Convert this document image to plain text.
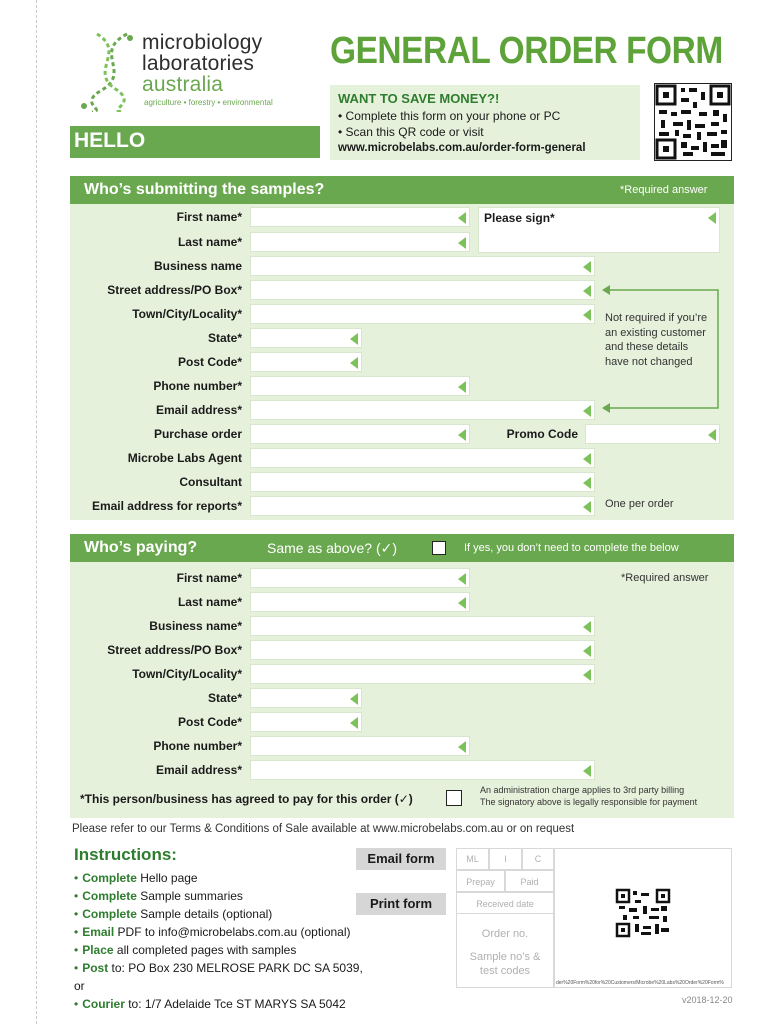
microbiology
laboratories
australia
agriculture • forestry • environmental
HELLO
GENERAL ORDER FORM
WANT TO SAVE MONEY?!
• Complete this form on your phone or PC
• Scan this QR code or visit
www.microbelabs.com.au/order-form-general
Who’s submitting the samples?	*Required answer
First name*
Last name*
Please sign*
Business name
Street address/PO Box*
Town/City/Locality*
State*
Post Code*
Phone number*
Email address*
Not required if you’re an existing customer and these details have not changed
Purchase order	Promo Code
Microbe Labs Agent
Consultant
Email address for reports*	One per order
Who’s paying?	Same as above? (✓)	If yes, you don’t need to complete the below
*Required answer
First name*
Last name*
Business name*
Street address/PO Box*
Town/City/Locality*
State*
Post Code*
Phone number*
Email address*
*This person/business has agreed to pay for this order (✓)
An administration charge applies to 3rd party billing
The signatory above is legally responsible for payment
Please refer to our Terms & Conditions of Sale available at www.microbelabs.com.au or on request
Instructions:
• Complete Hello page
• Complete Sample summaries
• Complete Sample details (optional)
• Email PDF to info@microbelabs.com.au (optional)
• Place all completed pages with samples
• Post to: PO Box 230 MELROSE PARK DC SA 5039, or
• Courier to: 1/7 Adelaide Tce ST MARYS SA 5042
Email form
Print form
ML	I	C
Prepay	Paid
Received date
Order no.
Sample no’s & test codes
der%20Form%20for%20Customers/Microbe%20Labs%20Order%20Form%
v2018-12-20
